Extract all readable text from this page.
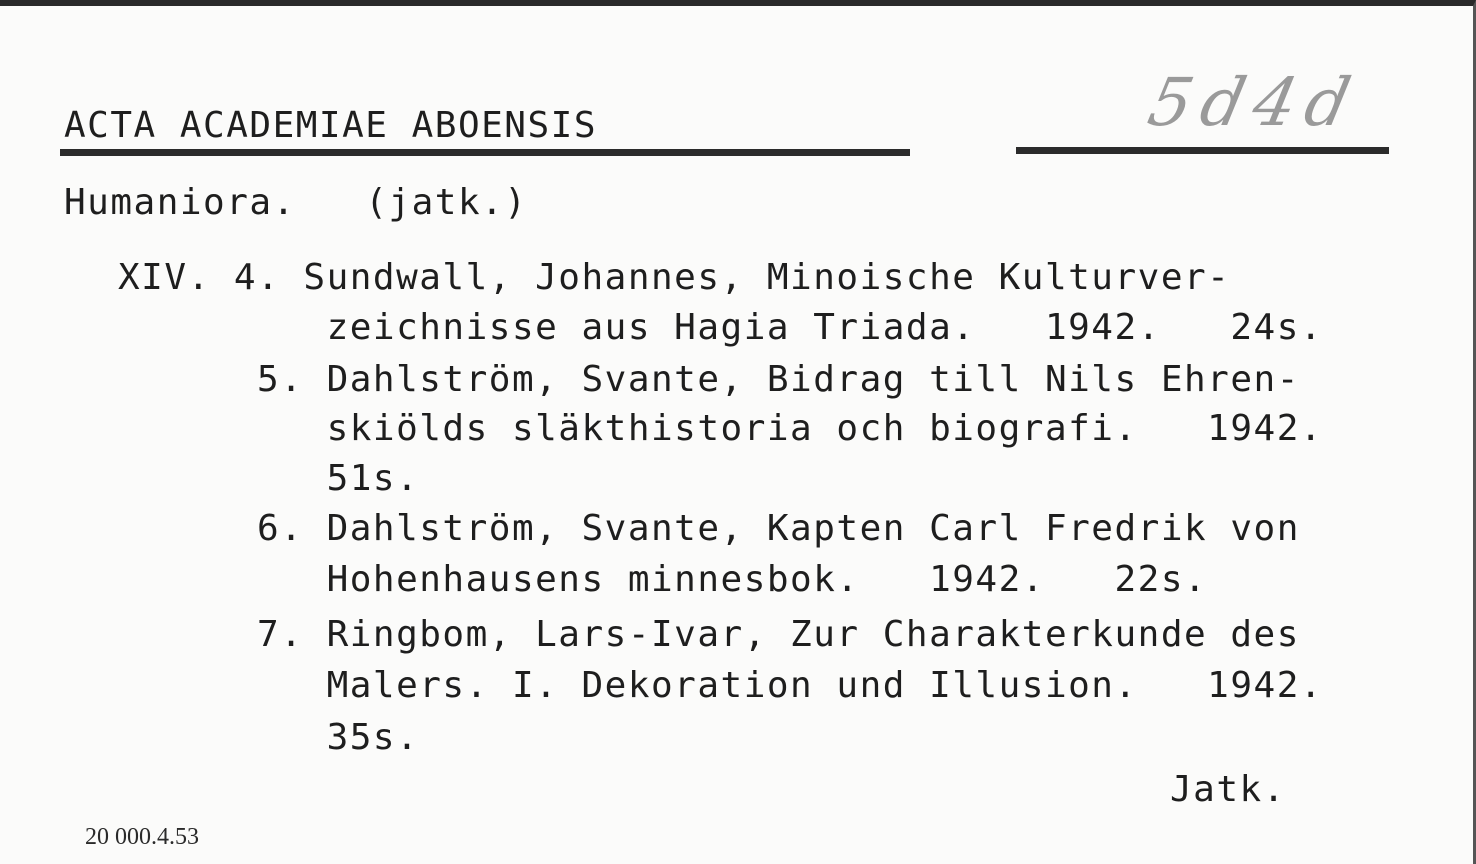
ACTA ACADEMIAE ABOENSIS	5d4d
Humaniora.   (jatk.)
XIV. 4. Sundwall, Johannes, Minoische Kulturver-
zeichnisse aus Hagia Triada.   1942.   24s.
5. Dahlström, Svante, Bidrag till Nils Ehren-
skiölds släkthistoria och biografi.   1942.
51s.
6. Dahlström, Svante, Kapten Carl Fredrik von
Hohenhausens minnesbok.   1942.   22s.
7. Ringbom, Lars-Ivar, Zur Charakterkunde des
Malers. I. Dekoration und Illusion.   1942.
35s.
Jatk.
20 000.4.53
